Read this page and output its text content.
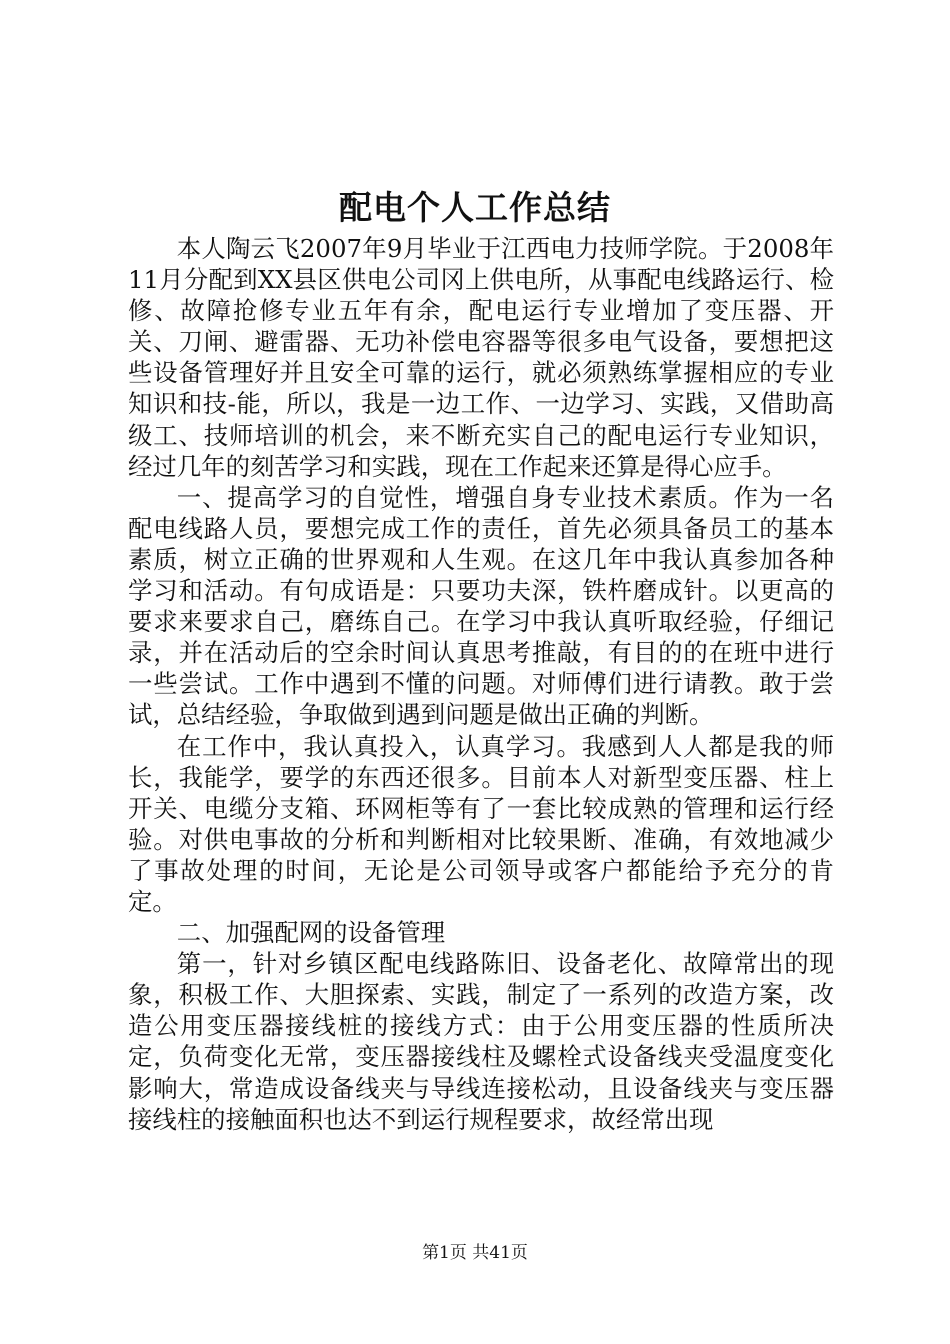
配电个人工作总结

本人陶云飞2007年9月毕业于江西电力技师学院。于2008年11月分配到XX县区供电公司冈上供电所，从事配电线路运行、检修、故障抢修专业五年有余，配电运行专业增加了变压器、开关、刀闸、避雷器、无功补偿电容器等很多电气设备，要想把这些设备管理好并且安全可靠的运行，就必须熟练掌握相应的专业知识和技-能，所以，我是一边工作、一边学习、实践，又借助高级工、技师培训的机会，来不断充实自己的配电运行专业知识，经过几年的刻苦学习和实践，现在工作起来还算是得心应手。

一、提高学习的自觉性，增强自身专业技术素质。作为一名配电线路人员，要想完成工作的责任，首先必须具备员工的基本素质，树立正确的世界观和人生观。在这几年中我认真参加各种学习和活动。有句成语是：只要功夫深，铁杵磨成针。以更高的要求来要求自己，磨练自己。在学习中我认真听取经验，仔细记录，并在活动后的空余时间认真思考推敲，有目的的在班中进行一些尝试。工作中遇到不懂的问题。对师傅们进行请教。敢于尝试，总结经验，争取做到遇到问题是做出正确的判断。

在工作中，我认真投入，认真学习。我感到人人都是我的师长，我能学，要学的东西还很多。目前本人对新型变压器、柱上开关、电缆分支箱、环网柜等有了一套比较成熟的管理和运行经验。对供电事故的分析和判断相对比较果断、准确，有效地减少了事故处理的时间，无论是公司领导或客户都能给予充分的肯定。

二、加强配网的设备管理

第一，针对乡镇区配电线路陈旧、设备老化、故障常出的现象，积极工作、大胆探索、实践，制定了一系列的改造方案，改造公用变压器接线桩的接线方式：由于公用变压器的性质所决定，负荷变化无常，变压器接线柱及螺栓式设备线夹受温度变化影响大，常造成设备线夹与导线连接松动，且设备线夹与变压器接线柱的接触面积也达不到运行规程要求，故经常出现

第1页 共41页
